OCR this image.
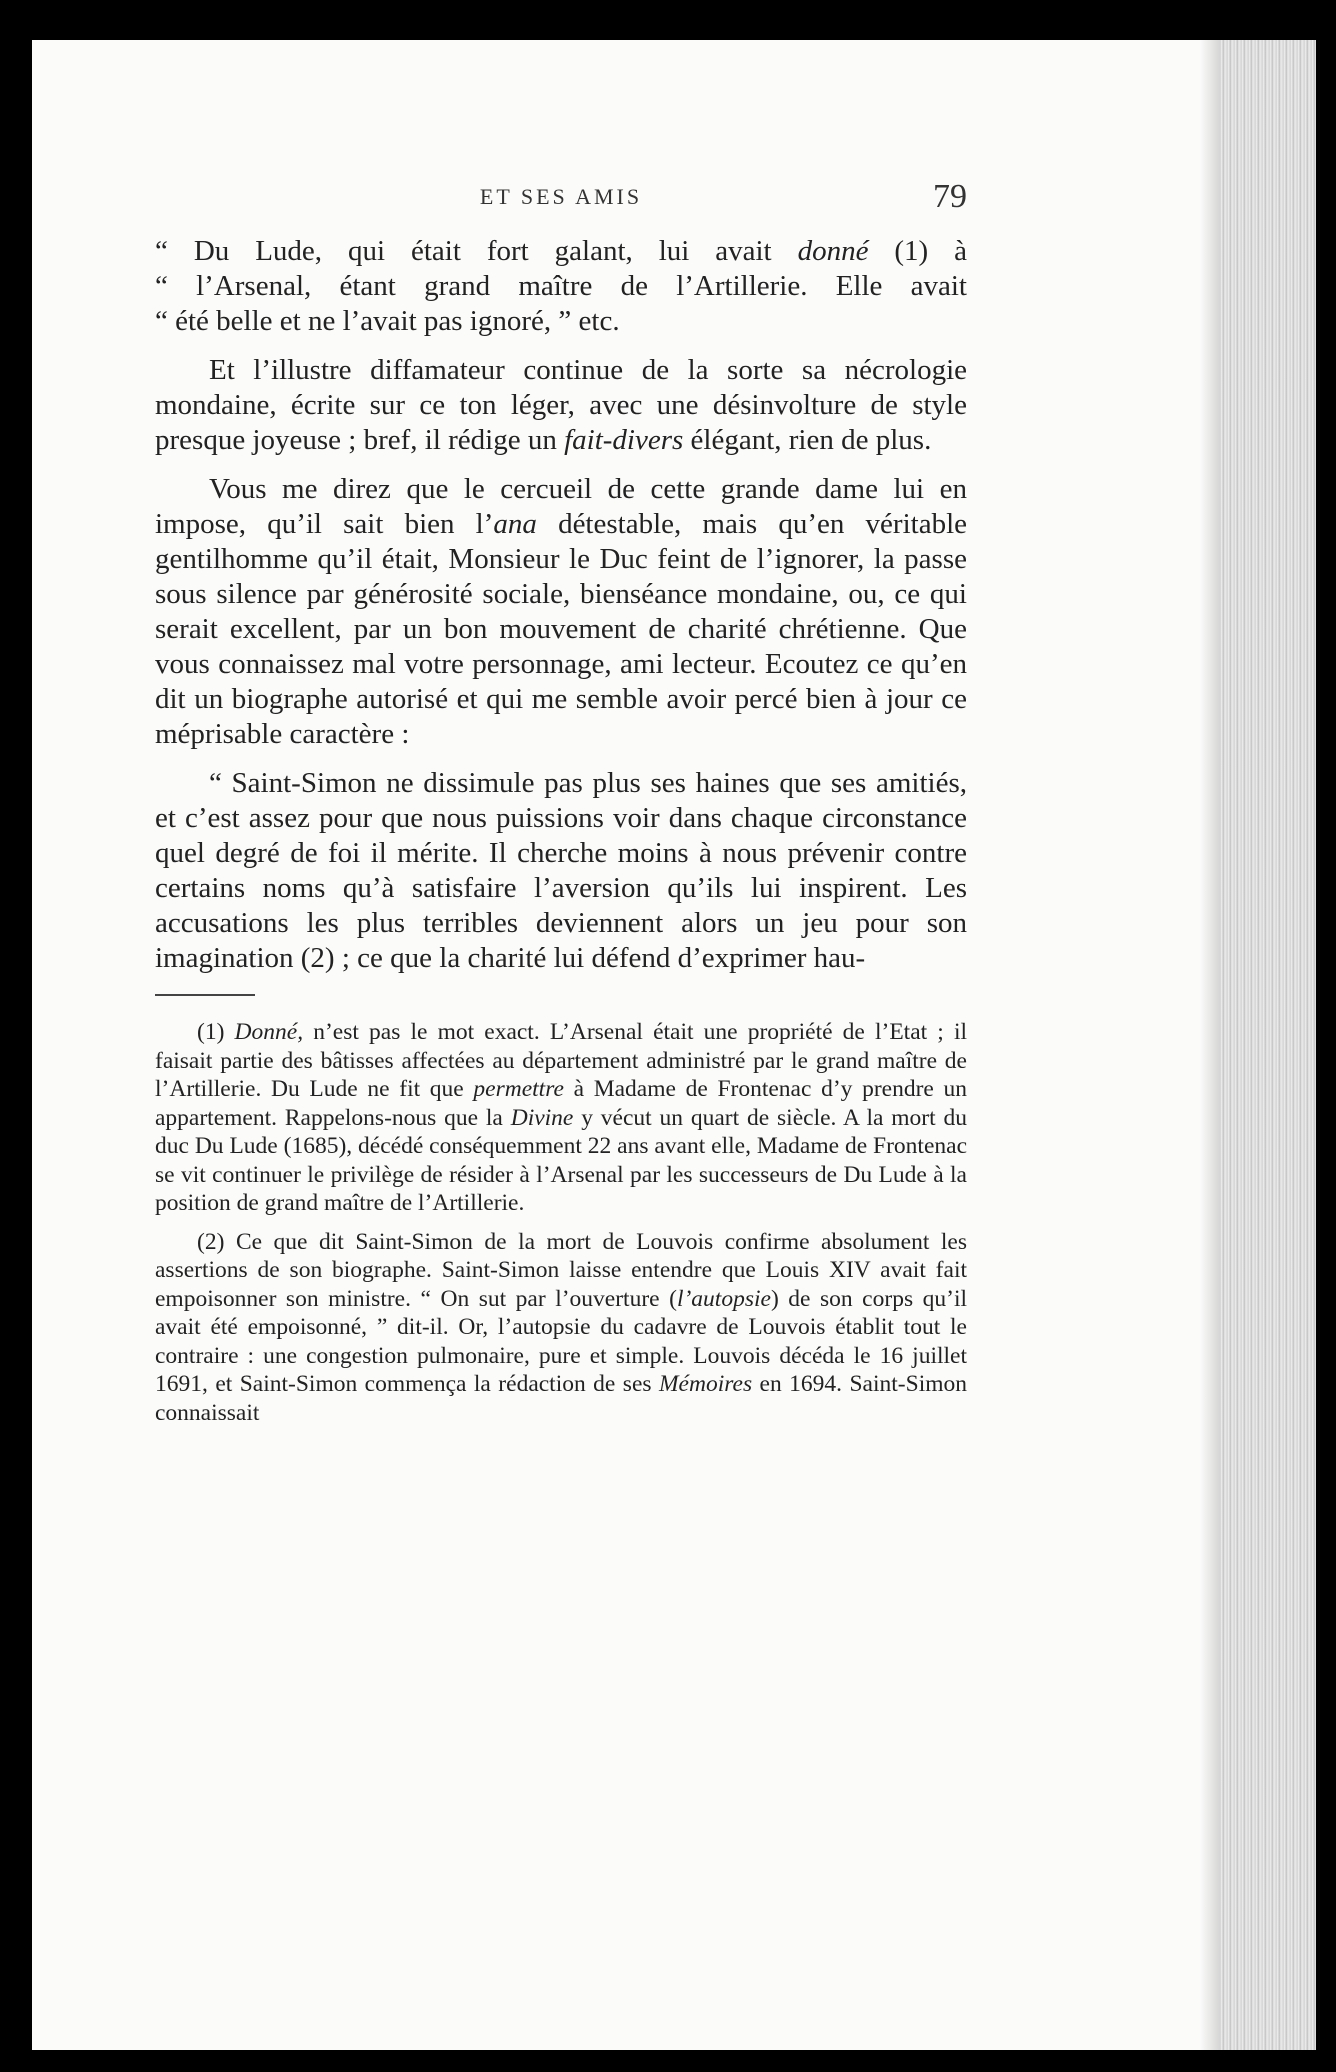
ET SES AMIS	79

“ Du Lude, qui était fort galant, lui avait donné (1) à
“ l’Arsenal, étant grand maître de l’Artillerie. Elle avait
“ été belle et ne l’avait pas ignoré, ” etc.

Et l’illustre diffamateur continue de la sorte sa nécrologie mondaine, écrite sur ce ton léger, avec une désinvolture de style presque joyeuse ; bref, il rédige un fait-divers élégant, rien de plus.

Vous me direz que le cercueil de cette grande dame lui en impose, qu’il sait bien l’ana détestable, mais qu’en véritable gentilhomme qu’il était, Monsieur le Duc feint de l’ignorer, la passe sous silence par générosité sociale, bienséance mondaine, ou, ce qui serait excellent, par un bon mouvement de charité chrétienne. Que vous connaissez mal votre personnage, ami lecteur. Ecoutez ce qu’en dit un biographe autorisé et qui me semble avoir percé bien à jour ce méprisable caractère :

“ Saint-Simon ne dissimule pas plus ses haines que ses amitiés, et c’est assez pour que nous puissions voir dans chaque circonstance quel degré de foi il mérite. Il cherche moins à nous prévenir contre certains noms qu’à satisfaire l’aversion qu’ils lui inspirent. Les accusations les plus terribles deviennent alors un jeu pour son imagination (2) ; ce que la charité lui défend d’exprimer hau-

(1) Donné, n’est pas le mot exact. L’Arsenal était une propriété de l’Etat ; il faisait partie des bâtisses affectées au département administré par le grand maître de l’Artillerie. Du Lude ne fit que permettre à Madame de Frontenac d’y prendre un appartement. Rappelons-nous que la Divine y vécut un quart de siècle. A la mort du duc Du Lude (1685), décédé conséquemment 22 ans avant elle, Madame de Frontenac se vit continuer le privilège de résider à l’Arsenal par les successeurs de Du Lude à la position de grand maître de l’Artillerie.

(2) Ce que dit Saint-Simon de la mort de Louvois confirme absolument les assertions de son biographe. Saint-Simon laisse entendre que Louis XIV avait fait empoisonner son ministre. “ On sut par l’ouverture (l’autopsie) de son corps qu’il avait été empoisonné, ” dit-il. Or, l’autopsie du cadavre de Louvois établit tout le contraire : une congestion pulmonaire, pure et simple. Louvois décéda le 16 juillet 1691, et Saint-Simon commença la rédaction de ses Mémoires en 1694. Saint-Simon connaissait
